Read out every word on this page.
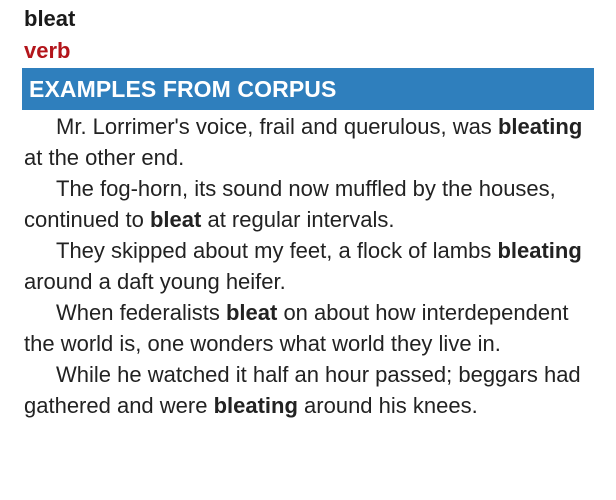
bleat
verb
EXAMPLES FROM CORPUS

Mr. Lorrimer's voice, frail and querulous, was bleating at the other end.

The fog-horn, its sound now muffled by the houses, continued to bleat at regular intervals.

They skipped about my feet, a flock of lambs bleating around a daft young heifer.

When federalists bleat on about how interdependent the world is, one wonders what world they live in.

While he watched it half an hour passed; beggars had gathered and were bleating around his knees.
